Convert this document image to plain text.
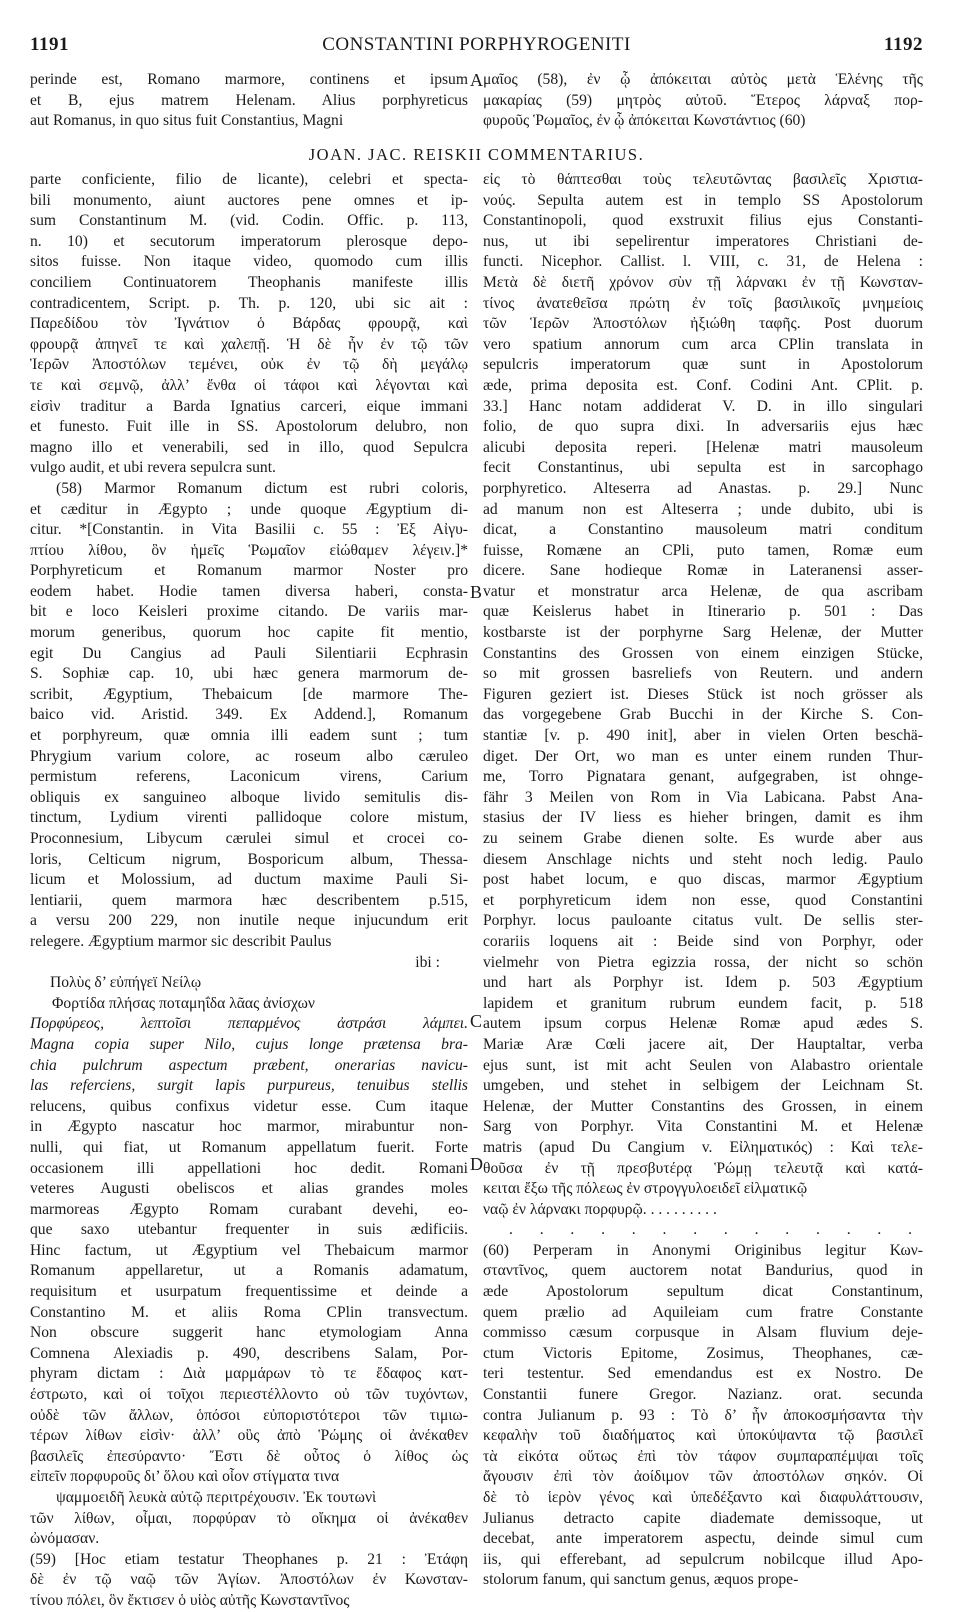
1191	CONSTANTINI PORPHYROGENITI	1192
JOAN. JAC. REISKII COMMENTARIUS.
A
B
C
D
perinde est, Romano marmore, continens et ipsum
et B, ejus matrem Helenam. Alius porphyreticus
aut Romanus, in quo situs fuit Constantius, Magni
μαῖος (58), ἐν ᾧ ἀπόκειται αὐτὸς μετὰ Ἑλένης τῆς
μακαρίας (59) μητρὸς αὐτοῦ. Ἕτερος λάρναξ πορ-
φυροῦς Ῥωμαῖος, ἐν ᾧ ἀπόκειται Κωνστάντιος (60)
parte conficiente, filio de licante), celebri et specta-
bili monumento, aiunt auctores pene omnes et ip-
sum Constantinum M. (vid. Codin. Offic. p. 113,
n. 10) et secutorum imperatorum plerosque depo-
sitos fuisse. Non itaque video, quomodo cum illis
conciliem Continuatorem Theophanis manifeste illis
contradicentem, Script. p. Th. p. 120, ubi sic ait :
Παρεδίδου τὸν Ἰγνάτιον ὁ Βάρδας φρουρᾷ, καὶ
φρουρᾷ ἀπηνεῖ τε καὶ χαλεπῇ. Ἡ δὲ ἦν ἐν τῷ τῶν
Ἱερῶν Ἀποστόλων τεμένει, οὐκ ἐν τῷ δὴ μεγάλῳ
τε καὶ σεμνῷ, ἀλλ’ ἔνθα οἱ τάφοι καὶ λέγονται καὶ
εἰσὶν traditur a Barda Ignatius carceri, eique immani
et funesto. Fuit ille in SS. Apostolorum delubro, non
magno illo et venerabili, sed in illo, quod Sepulcra
vulgo audit, et ubi revera sepulcra sunt.
(58) Marmor Romanum dictum est rubri coloris,
et cæditur in Ægypto ; unde quoque Ægyptium di-
citur. *[Constantin. in Vita Basilii c. 55 : Ἐξ Αἰγυ-
πτίου λίθου, ὃν ἡμεῖς Ῥωμαῖον εἰώθαμεν λέγειν.]*
Porphyreticum et Romanum marmor Noster pro
eodem habet. Hodie tamen diversa haberi, consta-
bit e loco Keisleri proxime citando. De variis mar-
morum generibus, quorum hoc capite fit mentio,
egit Du Cangius ad Pauli Silentiarii Ecphrasin
S. Sophiæ cap. 10, ubi hæc genera marmorum de-
scribit, Ægyptium, Thebaicum [de marmore The-
baico vid. Aristid. 349. Ex Addend.], Romanum
et porphyreum, quæ omnia illi eadem sunt ; tum
Phrygium varium colore, ac roseum albo cæruleo
permistum referens, Laconicum virens, Carium
obliquis ex sanguineo alboque livido semitulis dis-
tinctum, Lydium virenti pallidoque colore mistum,
Proconnesium, Libycum cærulei simul et crocei co-
loris, Celticum nigrum, Bosporicum album, Thessa-
licum et Molossium, ad ductum maxime Pauli Si-
lentiarii, quem marmora hæc describentem p.515,
a versu 200 229, non inutile neque injucundum erit
relegere. Ægyptium marmor sic describit Paulus
ibi :
Πολὺς δ’ εὐπήγεϊ Νείλῳ
Φορτίδα πλήσας ποταμηΐδα λᾶας ἀνίσχων
Πορφύρεος, λεπτοῖσι πεπαρμένος ἀστράσι λάμπει.
Magna copia super Nilo, cujus longe prætensa bra-
chia pulchrum aspectum præbent, onerarias navicu-
las referciens, surgit lapis purpureus, tenuibus stellis
relucens, quibus confixus videtur esse. Cum itaque
in Ægypto nascatur hoc marmor, mirabuntur non-
nulli, qui fiat, ut Romanum appellatum fuerit. Forte
occasionem illi appellationi hoc dedit. Romani
veteres Augusti obeliscos et alias grandes moles
marmoreas Ægypto Romam curabant devehi, eo-
que saxo utebantur frequenter in suis ædificiis.
Hinc factum, ut Ægyptium vel Thebaicum marmor
Romanum appellaretur, ut a Romanis adamatum,
requisitum et usurpatum frequentissime et deinde a
Constantino M. et aliis Roma CPlin transvectum.
Non obscure suggerit hanc etymologiam Anna
Comnena Alexiadis p. 490, describens Salam, Por-
phyram dictam : Διὰ μαρμάρων τὸ τε ἔδαφος κατ-
έστρωτο, καὶ οἱ τοῖχοι περιεστέλλοντο οὐ τῶν τυχόντων,
οὐδὲ τῶν ἄλλων, ὁπόσοι εὐποριστότεροι τῶν τιμιω-
τέρων λίθων εἰσὶν· ἀλλ’ οὓς ἀπὸ Ῥώμης οἱ ἀνέκαθεν
βασιλεῖς ἐπεσύραντο· Ἔστι δὲ οὗτος ὁ λίθος ὡς
εἰπεῖν πορφυροῦς δι’ ὅλου καὶ οἷον στίγματα τινα
ψαμμοειδῆ λευκὰ αὐτῷ περιτρέχουσιν. Ἐκ τουτωνὶ
τῶν λίθων, οἶμαι, πορφύραν τὸ οἴκημα οἱ ἀνέκαθεν
ὠνόμασαν.
(59) [Hoc etiam testatur Theophanes p. 21 : Ἐτάφη
δὲ ἐν τῷ ναῷ τῶν Ἁγίων. Ἀποστόλων ἐν Κωνσταν-
τίνου πόλει, ὃν ἔκτισεν ὁ υἱὸς αὐτῆς Κωνσταντῖνος
εἰς τὸ θάπτεσθαι τοὺς τελευτῶντας βασιλεῖς Χριστια-
νούς. Sepulta autem est in templo SS Apostolorum
Constantinopoli, quod exstruxit filius ejus Constanti-
nus, ut ibi sepelirentur imperatores Christiani de-
functi. Nicephor. Callist. l. VIII, c. 31, de Helena :
Μετὰ δὲ διετῆ χρόνον σὺν τῇ λάρνακι ἐν τῇ Κωνσταν-
τίνος ἀνατεθεῖσα πρώτη ἐν τοῖς βασιλικοῖς μνημείοις
τῶν Ἱερῶν Ἀποστόλων ἠξιώθη ταφῆς. Post duorum
vero spatium annorum cum arca CPlin translata in
sepulcris imperatorum quæ sunt in Apostolorum
æde, prima deposita est. Conf. Codini Ant. CPlit. p.
33.] Hanc notam addiderat V. D. in illo singulari
folio, de quo supra dixi. In adversariis ejus hæc
alicubi deposita reperi. [Helenæ matri mausoleum
fecit Constantinus, ubi sepulta est in sarcophago
porphyretico. Alteserra ad Anastas. p. 29.] Nunc
ad manum non est Alteserra ; unde dubito, ubi is
dicat, a Constantino mausoleum matri conditum
fuisse, Romæne an CPli, puto tamen, Romæ eum
dicere. Sane hodieque Romæ in Lateranensi asser-
vatur et monstratur arca Helenæ, de qua ascribam
quæ Keislerus habet in Itinerario p. 501 : Das
kostbarste ist der porphyrne Sarg Helenæ, der Mutter
Constantins des Grossen von einem einzigen Stücke,
so mit grossen basreliefs von Reutern. und andern
Figuren geziert ist. Dieses Stück ist noch grösser als
das vorgegebene Grab Bucchi in der Kirche S. Con-
stantiæ [v. p. 490 init], aber in vielen Orten beschä-
diget. Der Ort, wo man es unter einem runden Thur-
me, Torro Pignatara genant, aufgegraben, ist ohnge-
fähr 3 Meilen von Rom in Via Labicana. Pabst Ana-
stasius der IV liess es hieher bringen, damit es ihm
zu seinem Grabe dienen solte. Es wurde aber aus
diesem Anschlage nichts und steht noch ledig. Paulo
post habet locum, e quo discas, marmor Ægyptium
et porphyreticum idem non esse, quod Constantini
Porphyr. locus pauloante citatus vult. De sellis ster-
corariis loquens ait : Beide sind von Porphyr, oder
vielmehr von Pietra egizzia rossa, der nicht so schön
und hart als Porphyr ist. Idem p. 503 Ægyptium
lapidem et granitum rubrum eundem facit, p. 518
autem ipsum corpus Helenæ Romæ apud ædes S.
Mariæ Aræ Cœli jacere ait, Der Hauptaltar, verba
ejus sunt, ist mit acht Seulen von Alabastro orientale
umgeben, und stehet in selbigem der Leichnam St.
Helenæ, der Mutter Constantins des Grossen, in einem
Sarg von Porphyr. Vita Constantini M. et Helenæ
matris (apud Du Cangium v. Εἰληματικός) : Καὶ τελε-
θοῦσα ἐν τῇ πρεσβυτέρᾳ Ῥώμῃ τελευτᾷ καὶ κατά-
κειται ἔξω τῆς πόλεως ἐν στρογγυλοειδεῖ εἰλματικῷ
ναῷ ἐν λάρνακι πορφυρῷ. . . . . . . . . .
. . . . . . . . . . . . . .
(60) Perperam in Anonymi Originibus legitur Κων-
σταντῖνος, quem auctorem notat Bandurius, quod in
æde Apostolorum sepultum dicat Constantinum,
quem prælio ad Aquileiam cum fratre Constante
commisso cæsum corpusque in Alsam fluvium deje-
ctum Victoris Epitome, Zosimus, Theophanes, cæ-
teri testentur. Sed emendandus est ex Nostro. De
Constantii funere Gregor. Nazianz. orat. secunda
contra Julianum p. 93 : Τὸ δ’ ἦν ἀποκοσμήσαντα τὴν
κεφαλὴν τοῦ διαδήματος καὶ ὑποκύψαντα τῷ βασιλεῖ
τὰ εἰκότα οὕτως ἐπὶ τὸν τάφον συμπαραπέμψαι τοῖς
ἄγουσιν ἐπὶ τὸν ἀοίδιμον τῶν ἀποστόλων σηκόν. Οἱ
δὲ τὸ ἱερὸν γένος καὶ ὑπεδέξαντο καὶ διαφυλάττουσιν,
Julianus detracto capite diademate demissoque, ut
decebat, ante imperatorem aspectu, deinde simul cum
iis, qui efferebant, ad sepulcrum nobilcque illud Apo-
stolorum fanum, qui sanctum genus, æquos prope-
